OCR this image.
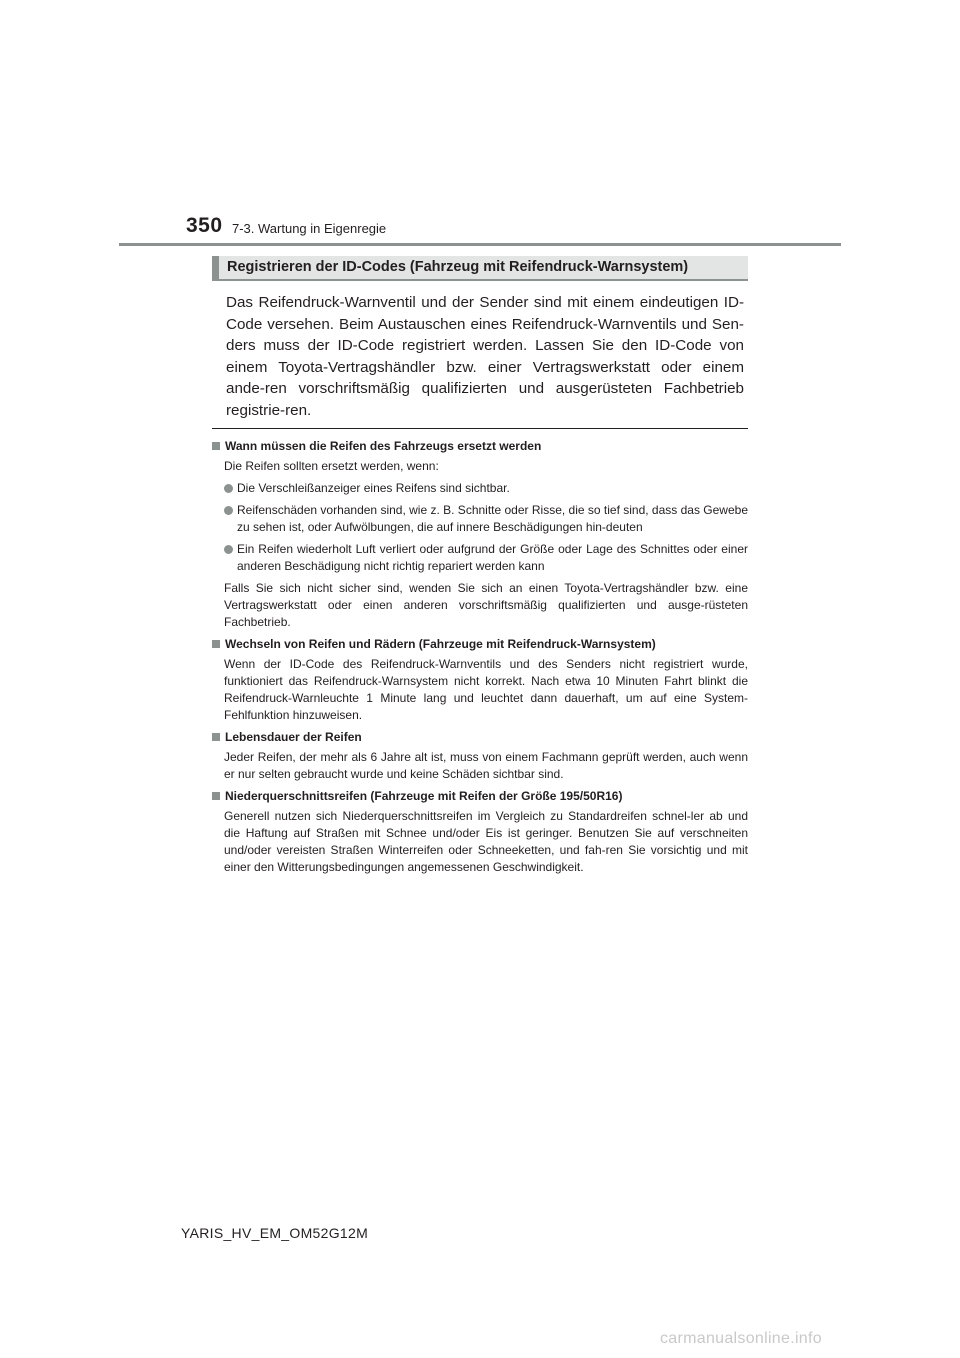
350 7-3. Wartung in Eigenregie
Registrieren der ID-Codes (Fahrzeug mit Reifendruck-Warnsystem)
Das Reifendruck-Warnventil und der Sender sind mit einem eindeutigen ID-Code versehen. Beim Austauschen eines Reifendruck-Warnventils und Sen-ders muss der ID-Code registriert werden. Lassen Sie den ID-Code von einem Toyota-Vertragshändler bzw. einer Vertragswerkstatt oder einem ande-ren vorschriftsmäßig qualifizierten und ausgerüsteten Fachbetrieb registrie-ren.
Wann müssen die Reifen des Fahrzeugs ersetzt werden
Die Reifen sollten ersetzt werden, wenn:
Die Verschleißanzeiger eines Reifens sind sichtbar.
Reifenschäden vorhanden sind, wie z. B. Schnitte oder Risse, die so tief sind, dass das Gewebe zu sehen ist, oder Aufwölbungen, die auf innere Beschädigungen hin-deuten
Ein Reifen wiederholt Luft verliert oder aufgrund der Größe oder Lage des Schnittes oder einer anderen Beschädigung nicht richtig repariert werden kann
Falls Sie sich nicht sicher sind, wenden Sie sich an einen Toyota-Vertragshändler bzw. eine Vertragswerkstatt oder einen anderen vorschriftsmäßig qualifizierten und ausge-rüsteten Fachbetrieb.
Wechseln von Reifen und Rädern (Fahrzeuge mit Reifendruck-Warnsystem)
Wenn der ID-Code des Reifendruck-Warnventils und des Senders nicht registriert wurde, funktioniert das Reifendruck-Warnsystem nicht korrekt. Nach etwa 10 Minuten Fahrt blinkt die Reifendruck-Warnleuchte 1 Minute lang und leuchtet dann dauerhaft, um auf eine System-Fehlfunktion hinzuweisen.
Lebensdauer der Reifen
Jeder Reifen, der mehr als 6 Jahre alt ist, muss von einem Fachmann geprüft werden, auch wenn er nur selten gebraucht wurde und keine Schäden sichtbar sind.
Niederquerschnittsreifen (Fahrzeuge mit Reifen der Größe 195/50R16)
Generell nutzen sich Niederquerschnittsreifen im Vergleich zu Standardreifen schnel-ler ab und die Haftung auf Straßen mit Schnee und/oder Eis ist geringer. Benutzen Sie auf verschneiten und/oder vereisten Straßen Winterreifen oder Schneeketten, und fah-ren Sie vorsichtig und mit einer den Witterungsbedingungen angemessenen Geschwindigkeit.
YARIS_HV_EM_OM52G12M
carmanualsonline.info
